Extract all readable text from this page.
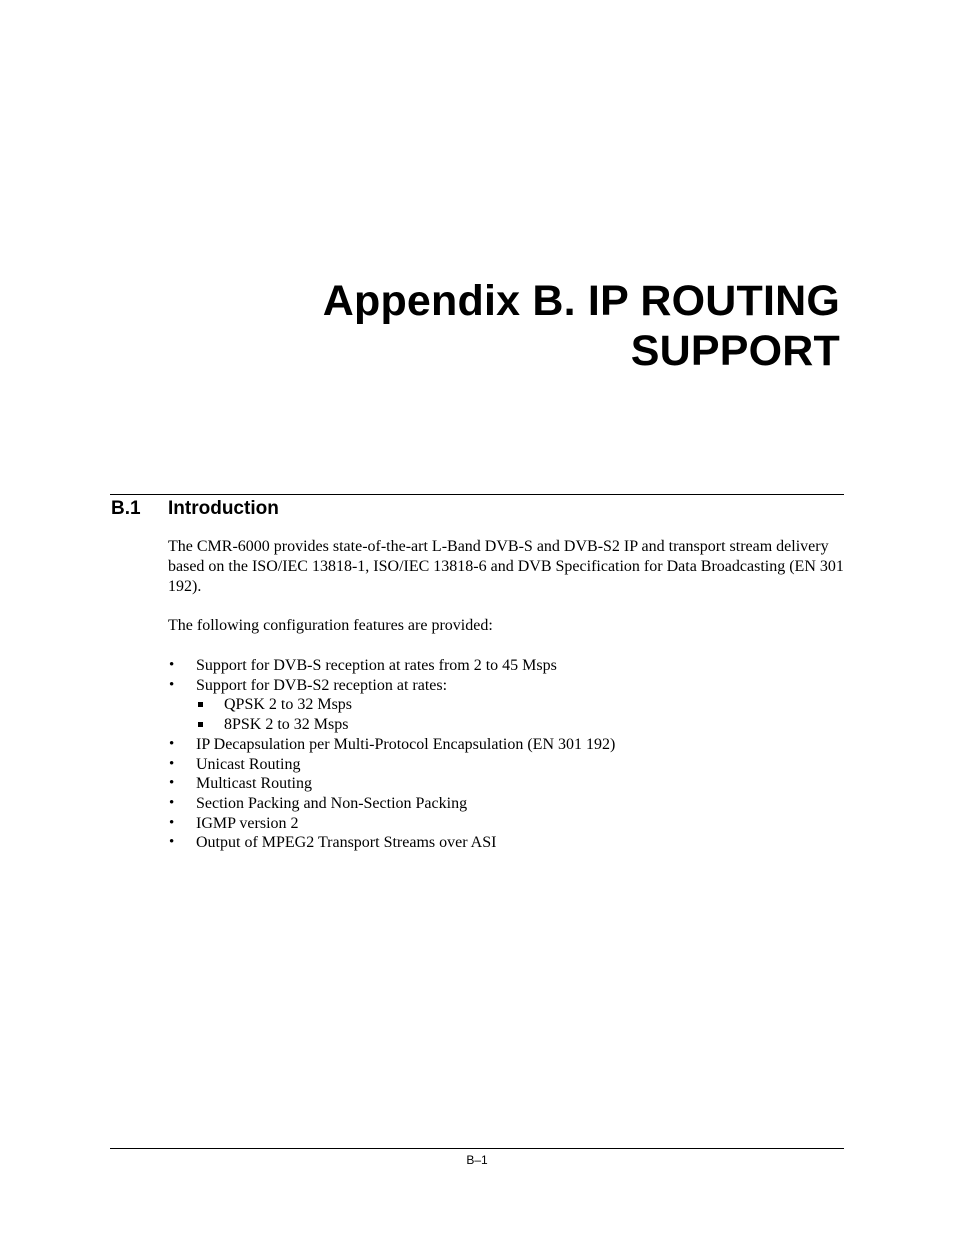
Appendix B. IP ROUTING
SUPPORT
B.1 Introduction

The CMR-6000 provides state-of-the-art L-Band DVB-S and DVB-S2 IP and transport stream delivery based on the ISO/IEC 13818-1, ISO/IEC 13818-6 and DVB Specification for Data Broadcasting (EN 301 192).

The following configuration features are provided:

• Support for DVB-S reception at rates from 2 to 45 Msps
• Support for DVB-S2 reception at rates:
QPSK 2 to 32 Msps
8PSK 2 to 32 Msps
• IP Decapsulation per Multi-Protocol Encapsulation (EN 301 192)
• Unicast Routing
• Multicast Routing
• Section Packing and Non-Section Packing
• IGMP version 2
• Output of MPEG2 Transport Streams over ASI
B–1
